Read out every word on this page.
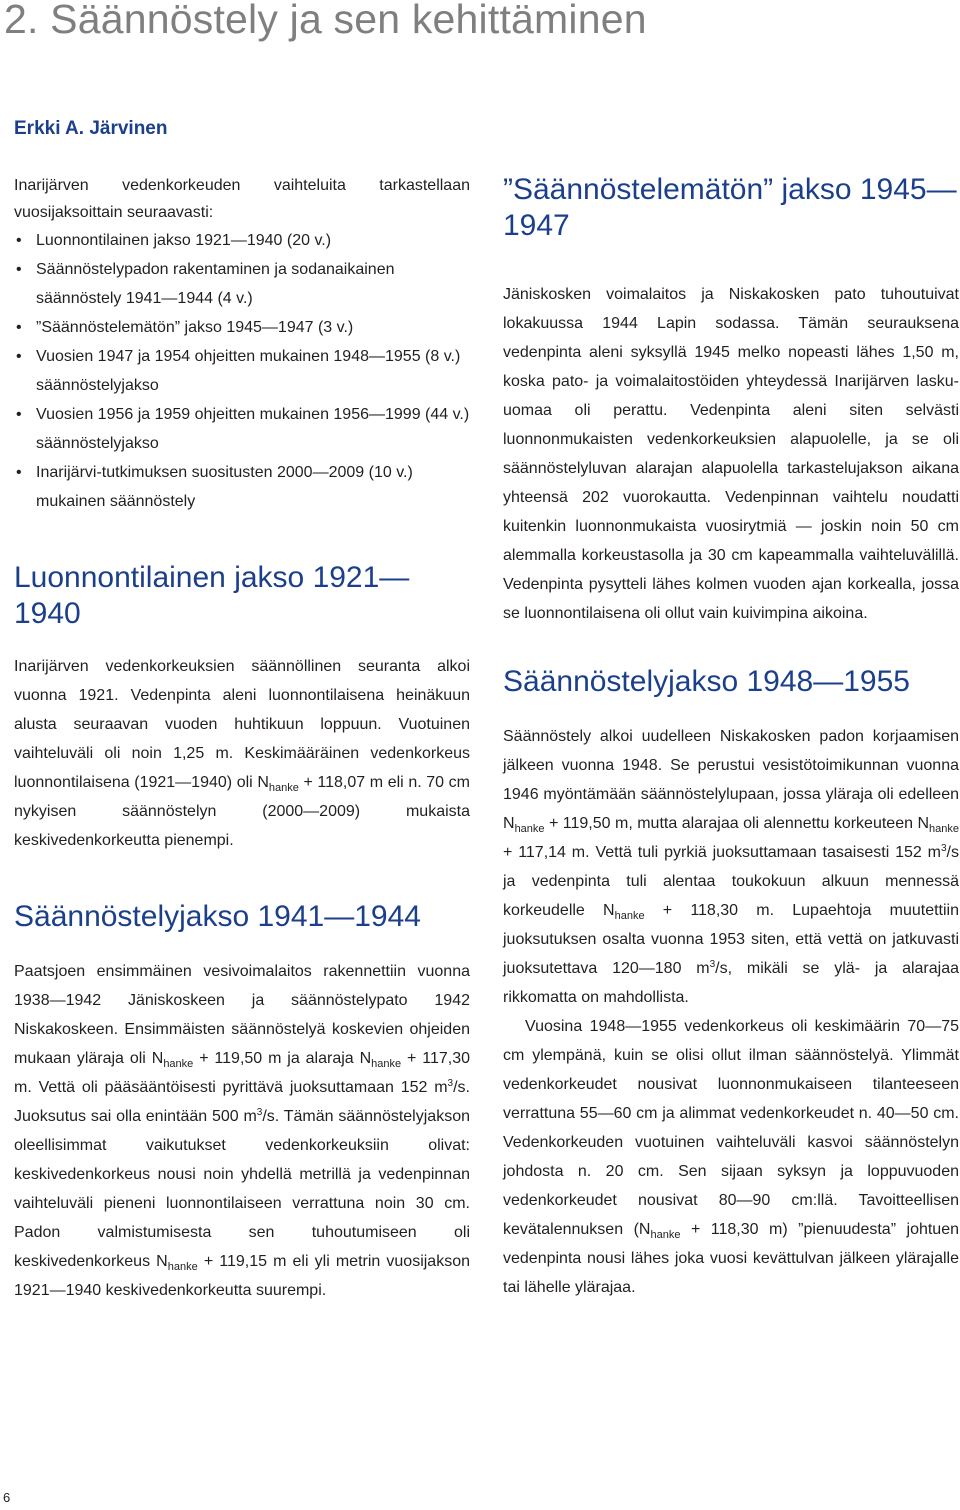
2. Säännöstely ja sen kehittäminen
Erkki A. Järvinen

Inarijärven vedenkorkeuden vaihteluita tarkastellaan vuosijaksoittain seuraavasti:

• Luonnontilainen jakso 1921—1940 (20 v.)
• Säännöstelypadon rakentaminen ja sodanaikainen säännöstely 1941—1944 (4 v.)
• ”Säännöstelemätön” jakso 1945—1947 (3 v.)
• Vuosien 1947 ja 1954 ohjeitten mukainen 1948—1955 (8 v.) säännöstelyjakso
• Vuosien 1956 ja 1959 ohjeitten mukainen 1956—1999 (44 v.) säännöstelyjakso
• Inarijärvi-tutkimuksen suositusten 2000—2009 (10 v.) mukainen säännöstely
Luonnontilainen jakso 1921—1940

Inarijärven vedenkorkeuksien säännöllinen seuranta alkoi vuonna 1921. Vedenpinta aleni luonnontilaisena heinäkuun alusta seuraavan vuoden huhtikuun loppuun. Vuotuinen vaihteluväli oli noin 1,25 m. Keskimääräinen vedenkorkeus luonnontilaisena (1921—1940) oli $N_{hanke} + 118,07$ m eli n. 70 cm nykyisen säännöstelyn (2000—2009) mukaista keskivedenkorkeutta pienempi.

Säännöstelyjakso 1941—1944

Paatsjoen ensimmäinen vesivoimalaitos rakennettiin vuonna 1938—1942 Jäniskoskeen ja säännöstelypato 1942 Niskakoskeen. Ensimmäisten säännöstelyä koskevien ohjeiden mukaan yläraja oli $N_{hanke} + 119,50$ m ja alaraja $N_{hanke} + 117,30$ m. Vettä oli pääsääntöisesti pyrittävä juoksuttamaan 152 $m^3/s$. Juoksutus sai olla enintään 500 $m^3/s$. Tämän säännöstelyjakson oleellisimmat vaikutukset vedenkorkeuksiin olivat: keskivedenkorkeus nousi noin yhdellä metrillä ja vedenpinnan vaihteluväli pieneni luonnontilaiseen verrattuna noin 30 cm. Padon valmistumisesta sen tuhoutumiseen oli keskivedenkorkeus $N_{hanke} + 119,15$ m eli yli metrin vuosijakson 1921—1940 keskivedenkorkeutta suurempi.

”Säännöstelemätön” jakso 1945—1947

Jäniskosken voimalaitos ja Niskakosken pato tuhoutuivat lokakuussa 1944 Lapin sodassa. Tämän seurauksena vedenpinta aleni syksyllä 1945 melko nopeasti lähes 1,50 m, koska pato- ja voimalaitostöiden yhteydessä Inarijärven lasku-uomaa oli perattu. Vedenpinta aleni siten selvästi luonnonmukaisten vedenkorkeuksien alapuolelle, ja se oli säännöstelyluvan alarajan alapuolella tarkastelujakson aikana yhteensä 202 vuorokautta. Vedenpinnan vaihtelu noudatti kuitenkin luonnonmukaista vuosirytmiä — joskin noin 50 cm alemmalla korkeustasolla ja 30 cm kapeammalla vaihteluvälillä. Vedenpinta pysytteli lähes kolmen vuoden ajan korkealla, jossa se luonnontilaisena oli ollut vain kuivimpina aikoina.

Säännöstelyjakso 1948—1955

Säännöstely alkoi uudelleen Niskakosken padon korjaamisen jälkeen vuonna 1948. Se perustui vesistötoimikunnan vuonna 1946 myöntämään säännöstelylupaan, jossa yläraja oli edelleen $N_{hanke} + 119,50$ m, mutta alarajaa oli alennettu korkeuteen $N_{hanke} + 117,14$ m. Vettä tuli pyrkiä juoksuttamaan tasaisesti 152 $m^3/s$ ja vedenpinta tuli alentaa toukokuun alkuun mennessä korkeudelle $N_{hanke} + 118,30$ m. Lupaehtoja muutettiin juoksutuksen osalta vuonna 1953 siten, että vettä on jatkuvasti juoksutettava 120—180 $m^3/s$, mikäli se ylä- ja alarajaa rikkomatta on mahdollista.

Vuosina 1948—1955 vedenkorkeus oli keskimäärin 70—75 cm ylempänä, kuin se olisi ollut ilman säännöstelyä. Ylimmät vedenkorkeudet nousivat luonnonmukaiseen tilanteeseen verrattuna 55—60 cm ja alimmat vedenkorkeudet n. 40—50 cm. Vedenkorkeuden vuotuinen vaihteluväli kasvoi säännöstelyn johdosta n. 20 cm. Sen sijaan syksyn ja loppuvuoden vedenkorkeudet nousivat 80—90 cm:llä. Tavoitteellisen kevätalennuksen ($N_{hanke} + 118,30$ m) ”pienuudesta” johtuen vedenpinta nousi lähes joka vuosi kevättulvan jälkeen ylärajalle tai lähelle ylärajaa.

6
